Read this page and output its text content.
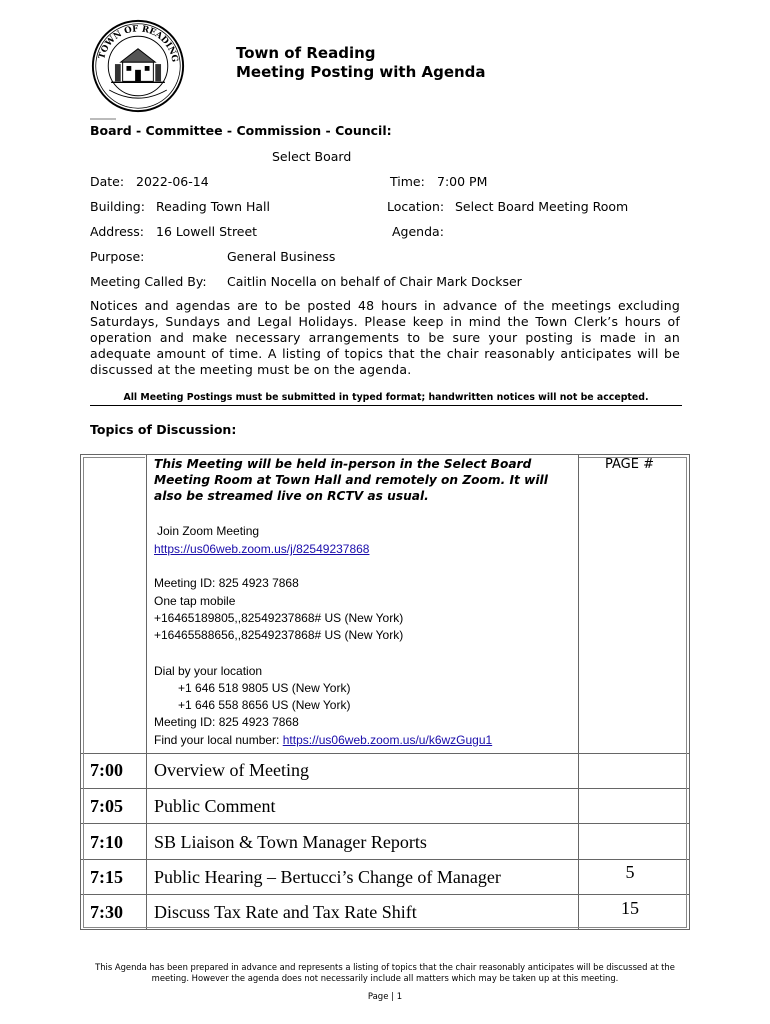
TOWN OF READING	Town of Reading
Meeting Posting with Agenda
Board - Committee - Commission - Council:
Select Board
Date: 2022-06-14	Time: 7:00 PM
Building: Reading Town Hall	Location: Select Board Meeting Room
Address: 16 Lowell Street	Agenda:
Purpose:	General Business
Meeting Called By: Caitlin Nocella on behalf of Chair Mark Dockser
Notices and agendas are to be posted 48 hours in advance of the meetings excluding Saturdays, Sundays and Legal Holidays. Please keep in mind the Town Clerk’s hours of operation and make necessary arrangements to be sure your posting is made in an adequate amount of time. A listing of topics that the chair reasonably anticipates will be discussed at the meeting must be on the agenda.
All Meeting Postings must be submitted in typed format; handwritten notices will not be accepted.
Topics of Discussion:
This Meeting will be held in-person in the Select Board Meeting Room at Town Hall and remotely on Zoom. It will also be streamed live on RCTV as usual.
PAGE #
Join Zoom Meeting
https://us06web.zoom.us/j/82549237868
Meeting ID: 825 4923 7868
One tap mobile
+16465189805,,82549237868# US (New York)
+16465588656,,82549237868# US (New York)
Dial by your location
+1 646 518 9805 US (New York)
+1 646 558 8656 US (New York)
Meeting ID: 825 4923 7868
Find your local number: https://us06web.zoom.us/u/k6wzGugu1
7:00 Overview of Meeting
7:05 Public Comment
7:10 SB Liaison & Town Manager Reports
7:15 Public Hearing – Bertucci’s Change of Manager	5
7:30 Discuss Tax Rate and Tax Rate Shift	15
This Agenda has been prepared in advance and represents a listing of topics that the chair reasonably anticipates will be discussed at the meeting. However the agenda does not necessarily include all matters which may be taken up at this meeting.
Page | 1
